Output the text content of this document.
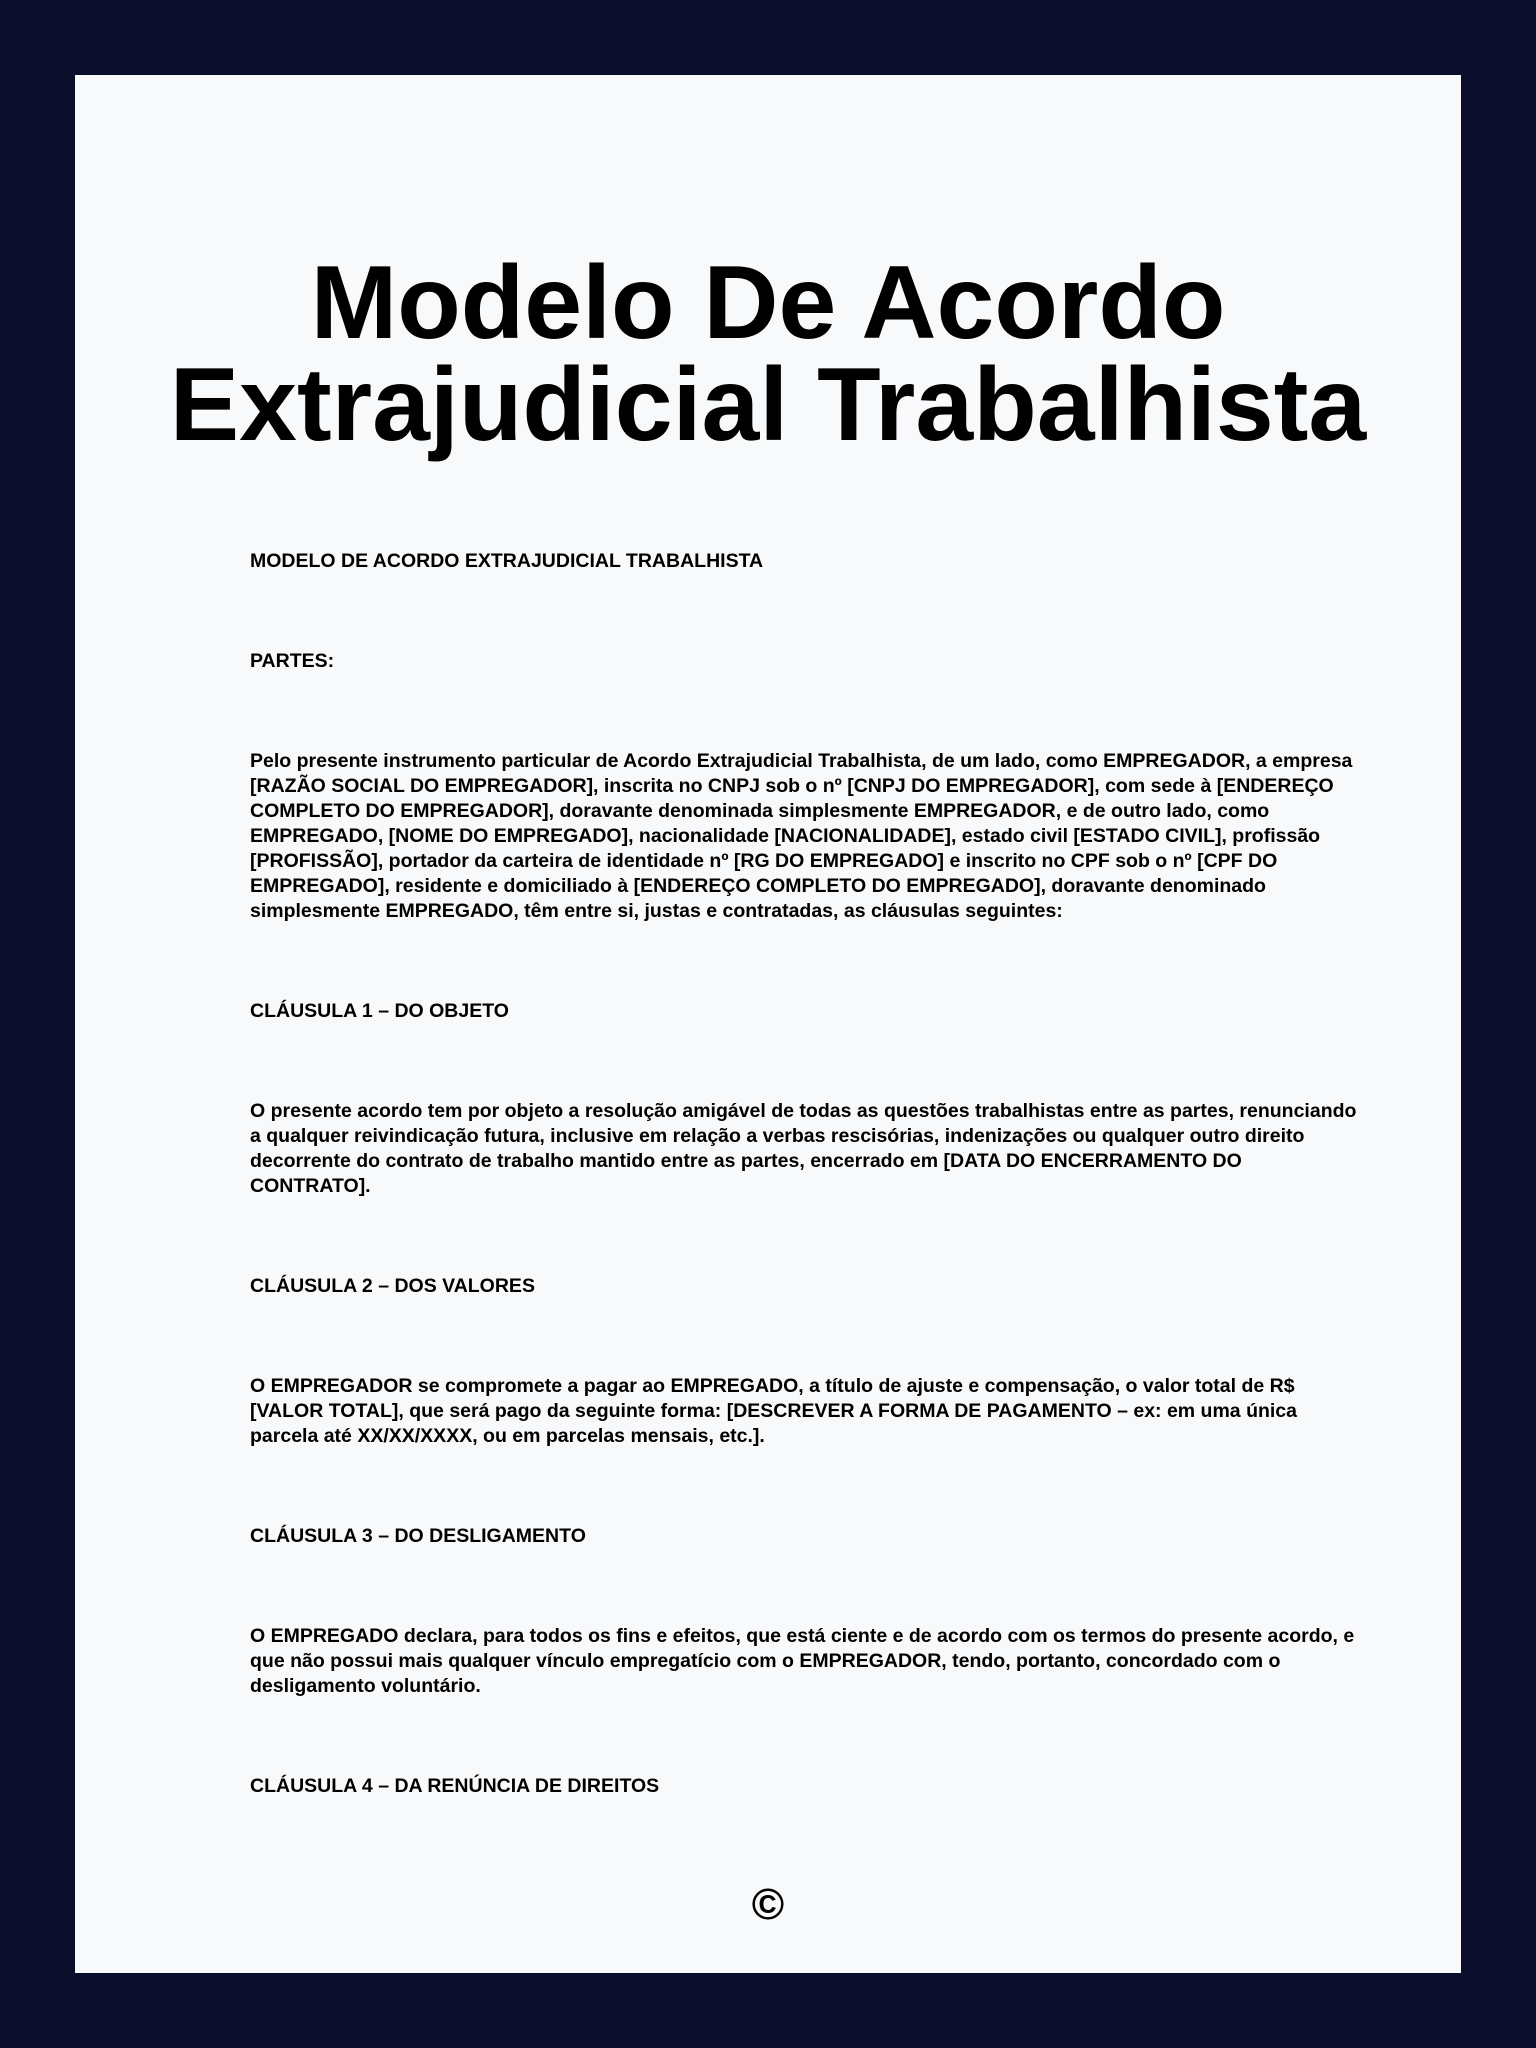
Modelo De Acordo Extrajudicial Trabalhista

MODELO DE ACORDO EXTRAJUDICIAL TRABALHISTA

PARTES:

Pelo presente instrumento particular de Acordo Extrajudicial Trabalhista, de um lado, como EMPREGADOR, a empresa [RAZÃO SOCIAL DO EMPREGADOR], inscrita no CNPJ sob o nº [CNPJ DO EMPREGADOR], com sede à [ENDEREÇO COMPLETO DO EMPREGADOR], doravante denominada simplesmente EMPREGADOR, e de outro lado, como EMPREGADO, [NOME DO EMPREGADO], nacionalidade [NACIONALIDADE], estado civil [ESTADO CIVIL], profissão [PROFISSÃO], portador da carteira de identidade nº [RG DO EMPREGADO] e inscrito no CPF sob o nº [CPF DO EMPREGADO], residente e domiciliado à [ENDEREÇO COMPLETO DO EMPREGADO], doravante denominado simplesmente EMPREGADO, têm entre si, justas e contratadas, as cláusulas seguintes:

CLÁUSULA 1 – DO OBJETO

O presente acordo tem por objeto a resolução amigável de todas as questões trabalhistas entre as partes, renunciando a qualquer reivindicação futura, inclusive em relação a verbas rescisórias, indenizações ou qualquer outro direito decorrente do contrato de trabalho mantido entre as partes, encerrado em [DATA DO ENCERRAMENTO DO CONTRATO].

CLÁUSULA 2 – DOS VALORES

O EMPREGADOR se compromete a pagar ao EMPREGADO, a título de ajuste e compensação, o valor total de R$ [VALOR TOTAL], que será pago da seguinte forma: [DESCREVER A FORMA DE PAGAMENTO – ex: em uma única parcela até XX/XX/XXXX, ou em parcelas mensais, etc.].

CLÁUSULA 3 – DO DESLIGAMENTO

O EMPREGADO declara, para todos os fins e efeitos, que está ciente e de acordo com os termos do presente acordo, e que não possui mais qualquer vínculo empregatício com o EMPREGADOR, tendo, portanto, concordado com o desligamento voluntário.

CLÁUSULA 4 – DA RENÚNCIA DE DIREITOS

©
